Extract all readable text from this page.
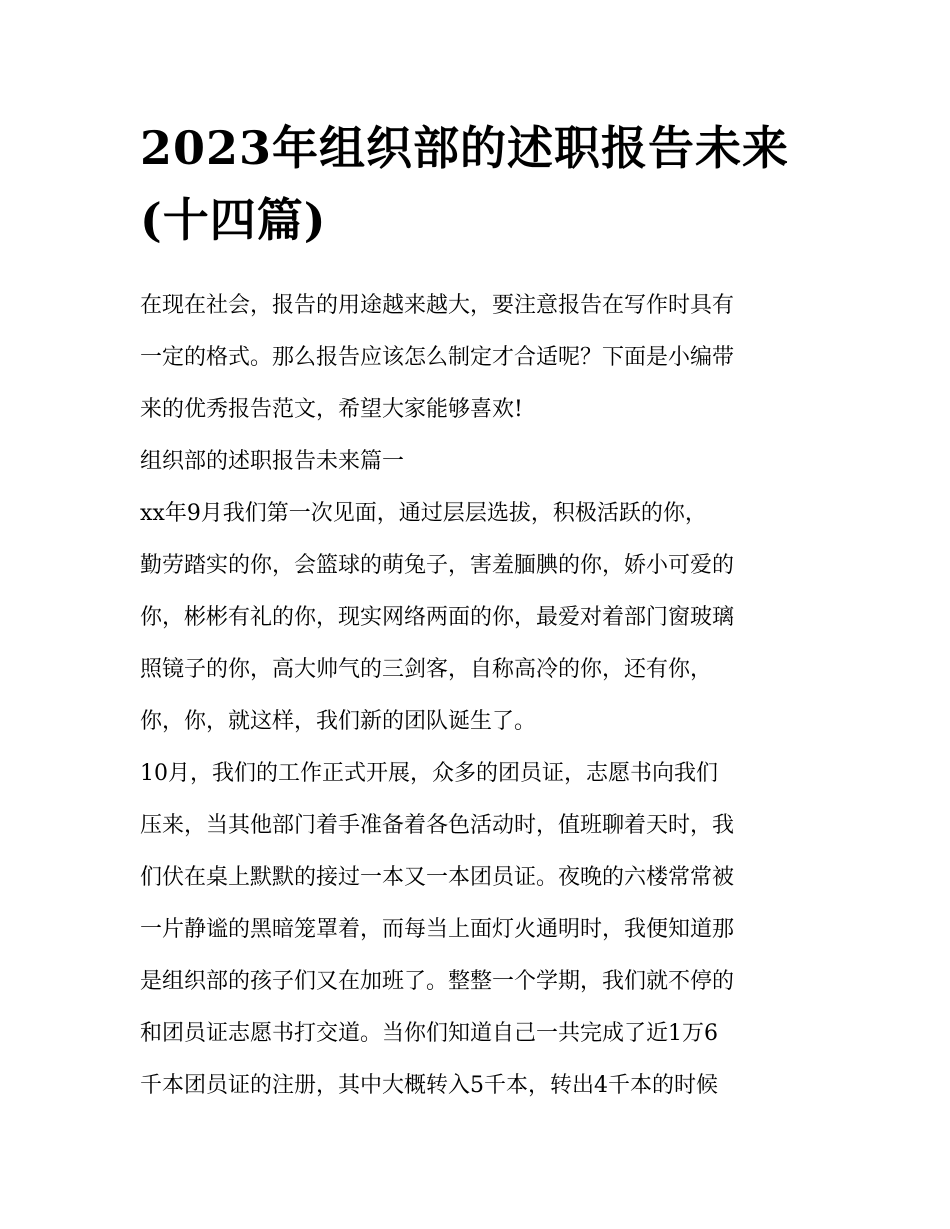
2023年组织部的述职报告未来
(十四篇)
在现在社会，报告的用途越来越大，要注意报告在写作时具有
一定的格式。那么报告应该怎么制定才合适呢？下面是小编带
来的优秀报告范文，希望大家能够喜欢!
组织部的述职报告未来篇一
xx年9月我们第一次见面，通过层层选拔，积极活跃的你，
勤劳踏实的你，会篮球的萌兔子，害羞腼腆的你，娇小可爱的
你，彬彬有礼的你，现实网络两面的你，最爱对着部门窗玻璃
照镜子的你，高大帅气的三剑客，自称高冷的你，还有你，
你，你，就这样，我们新的团队诞生了。
10月，我们的工作正式开展，众多的团员证，志愿书向我们
压来，当其他部门着手准备着各色活动时，值班聊着天时，我
们伏在桌上默默的接过一本又一本团员证。夜晚的六楼常常被
一片静谧的黑暗笼罩着，而每当上面灯火通明时，我便知道那
是组织部的孩子们又在加班了。整整一个学期，我们就不停的
和团员证志愿书打交道。当你们知道自己一共完成了近1万6
千本团员证的注册，其中大概转入5千本，转出4千本的时候
